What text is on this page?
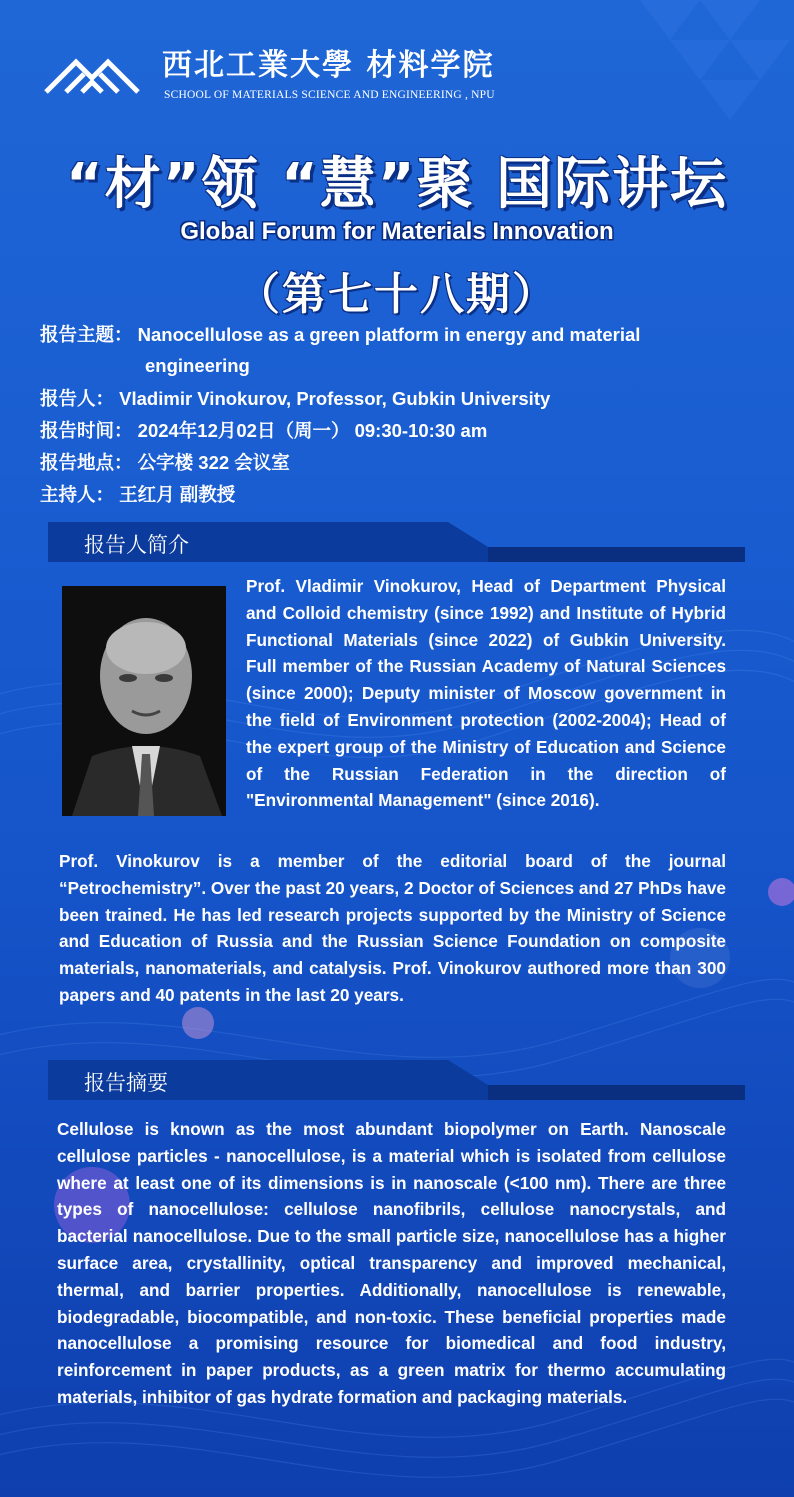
西北工業大學 材料学院
SCHOOL OF MATERIALS SCIENCE AND ENGINEERING , NPU
“材”领 “慧”聚 国际讲坛
Global Forum for Materials Innovation
（第七十八期）
报告主题： Nanocellulose as a green platform in energy and material
engineering
报告人： Vladimir Vinokurov, Professor, Gubkin University
报告时间： 2024年12月02日（周一） 09:30-10:30 am
报告地点： 公字楼 322 会议室
主持人： 王红月 副教授
报告人简介
Prof. Vladimir Vinokurov, Head of Department Physical and Colloid chemistry (since 1992) and Institute of Hybrid Functional Materials (since 2022) of Gubkin University. Full member of the Russian Academy of Natural Sciences (since 2000); Deputy minister of Moscow government in the field of Environment protection (2002-2004); Head of the expert group of the Ministry of Education and Science of the Russian Federation in the direction of "Environmental Management" (since 2016).
Prof. Vinokurov is a member of the editorial board of the journal “Petrochemistry”. Over the past 20 years, 2 Doctor of Sciences and 27 PhDs have been trained. He has led research projects supported by the Ministry of Science and Education of Russia and the Russian Science Foundation on composite materials, nanomaterials, and catalysis. Prof. Vinokurov authored more than 300 papers and 40 patents in the last 20 years.
报告摘要
Cellulose is known as the most abundant biopolymer on Earth. Nanoscale cellulose particles - nanocellulose, is a material which is isolated from cellulose where at least one of its dimensions is in nanoscale (<100 nm). There are three types of nanocellulose: cellulose nanofibrils, cellulose nanocrystals, and bacterial nanocellulose. Due to the small particle size, nanocellulose has a higher surface area, crystallinity, optical transparency and improved mechanical, thermal, and barrier properties. Additionally, nanocellulose is renewable, biodegradable, biocompatible, and non-toxic. These beneficial properties made nanocellulose a promising resource for biomedical and food industry, reinforcement in paper products, as a green matrix for thermo accumulating materials, inhibitor of gas hydrate formation and packaging materials.
